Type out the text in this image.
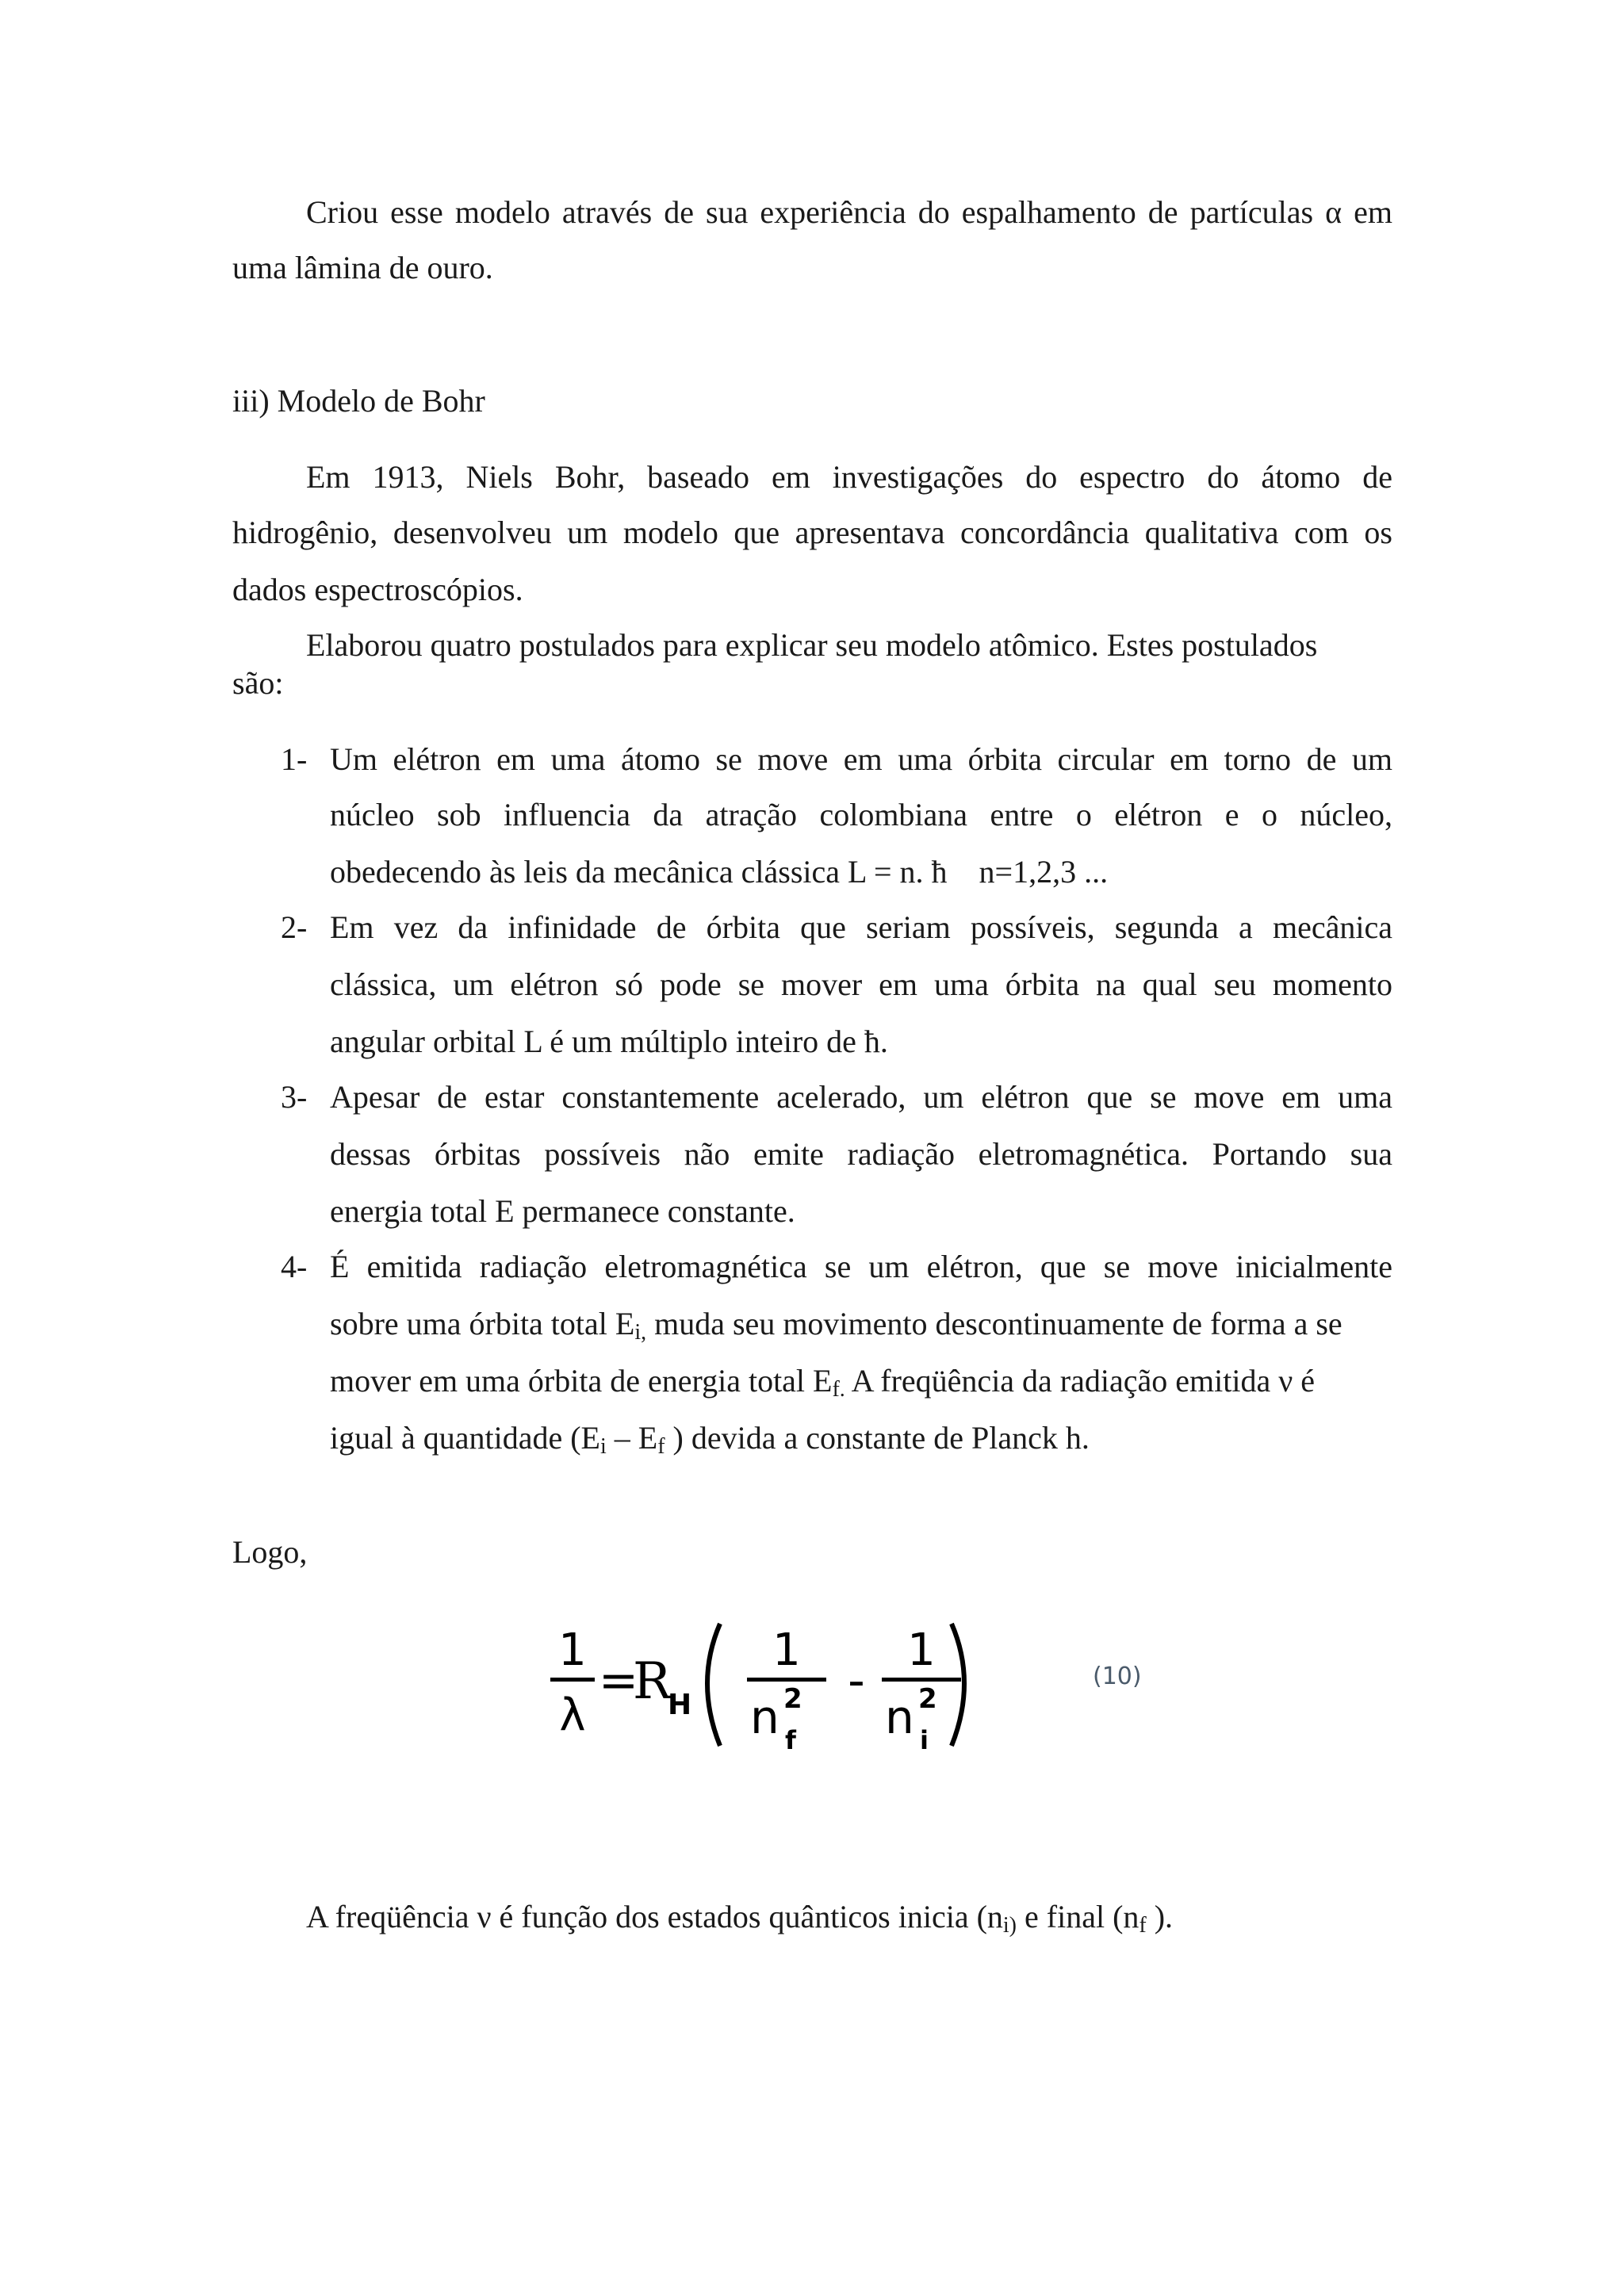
Criou esse modelo através de sua experiência do espalhamento de partículas α em
uma lâmina de ouro.
iii) Modelo de Bohr
Em 1913, Niels Bohr, baseado em investigações do espectro do átomo de
hidrogênio, desenvolveu um modelo que apresentava concordância qualitativa com os
dados espectroscópios.
Elaborou quatro postulados para explicar seu modelo atômico. Estes postulados
são:
1- Um elétron em uma átomo se move em uma órbita circular em torno de um
núcleo sob influencia da atração colombiana entre o elétron e o núcleo,
obedecendo às leis da mecânica clássica L = n. ħ    n=1,2,3 ...
2- Em vez da infinidade de órbita que seriam possíveis, segunda a mecânica
clássica, um elétron só pode se mover em uma órbita na qual seu momento
angular orbital L é um múltiplo inteiro de ħ.
3- Apesar de estar constantemente acelerado, um elétron que se move em uma
dessas órbitas possíveis não emite radiação eletromagnética. Portando sua
energia total E permanece constante.
4- É emitida radiação eletromagnética se um elétron, que se move inicialmente
sobre uma órbita total $E_{i,}$ muda seu movimento descontinuamente de forma a se
mover em uma órbita de energia total $E_{f.}$ A freqüência da radiação emitida ν é
igual à quantidade ($E_i - E_f$ ) devida a constante de Planck h.
Logo,
1
λ
=
R
H
1
n 2
f
-
1
n 2
i
(10)
A freqüência ν é função dos estados quânticos inicia ($n_{i)}$ e final ($n_f$ ).
